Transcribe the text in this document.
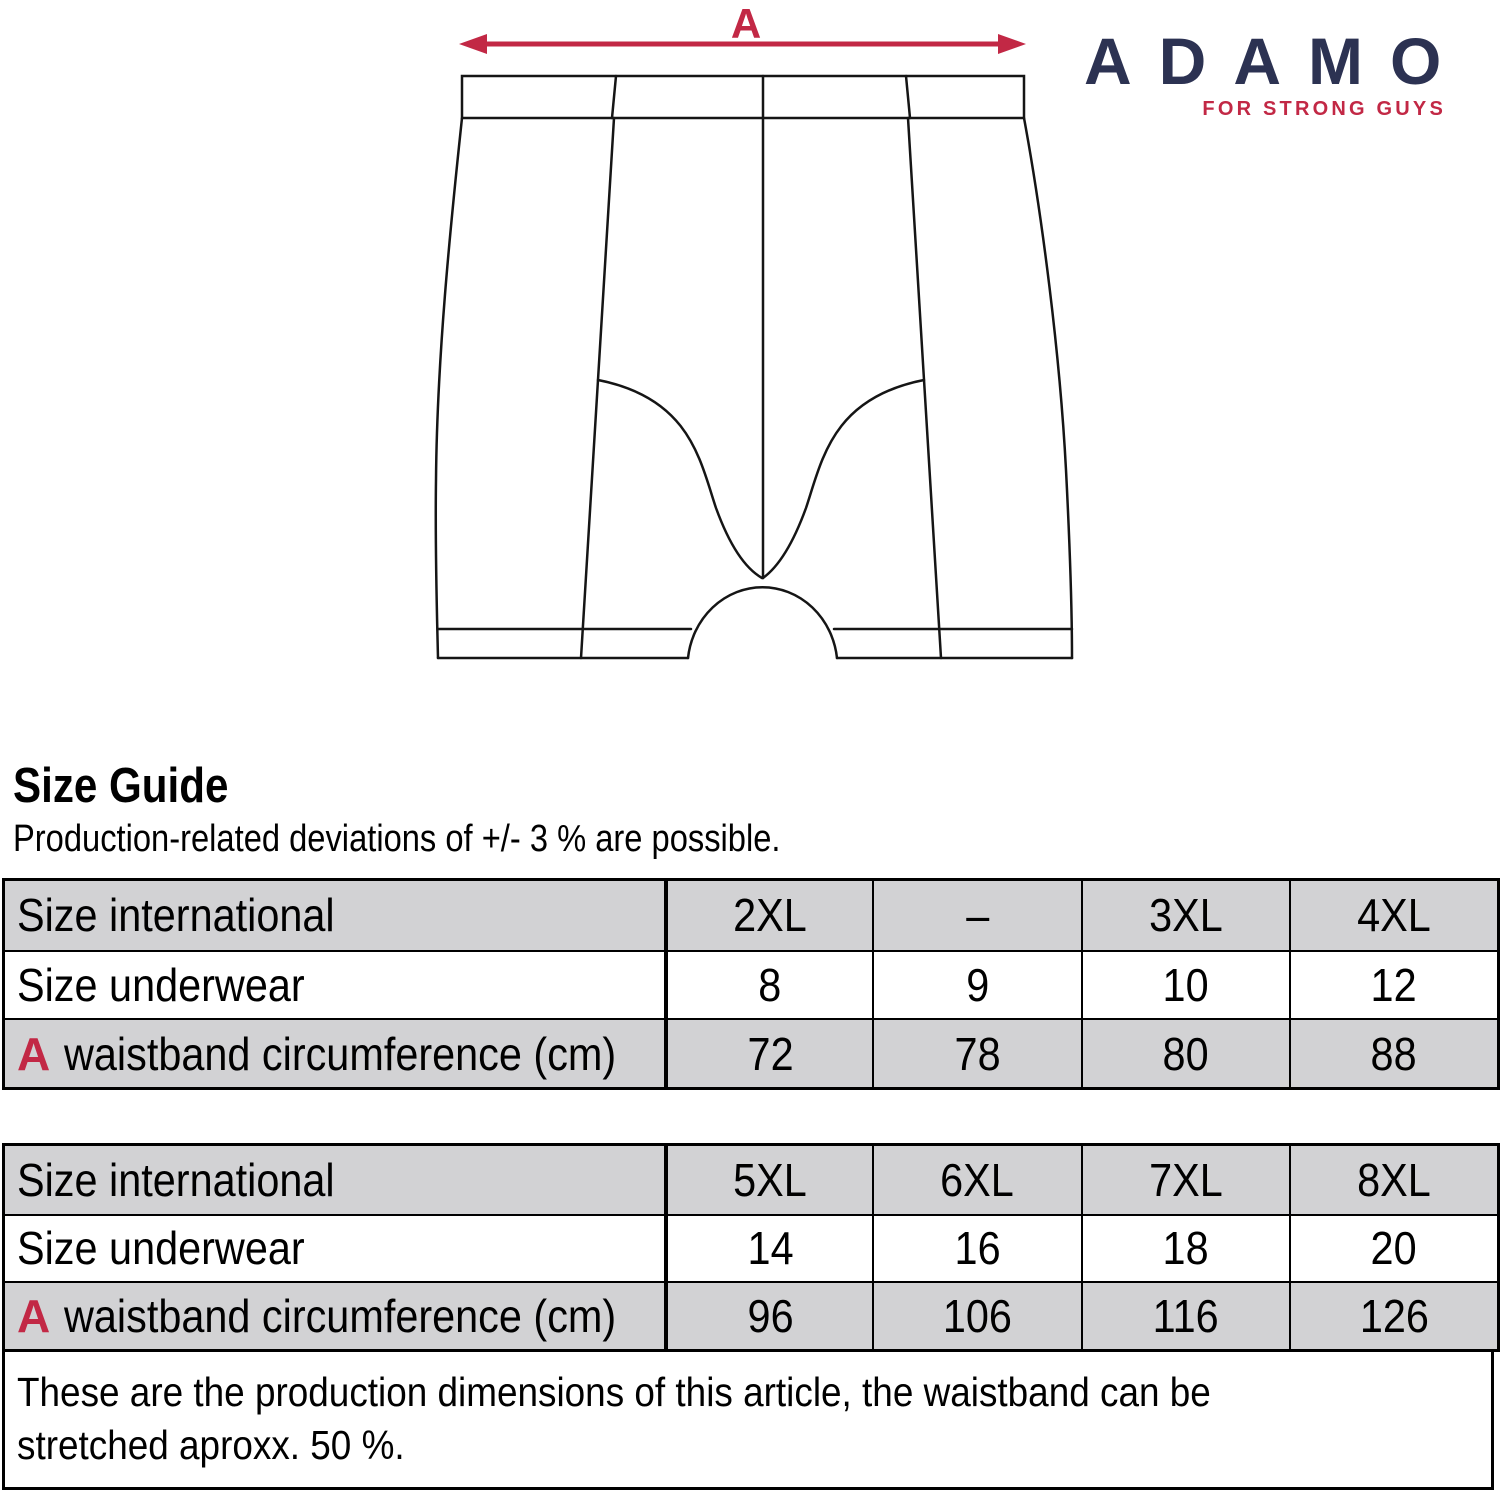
A
ADAMO
FOR STRONG GUYS
Size Guide
Production-related deviations of +/- 3 % are possible.
Size international	2XL	–	3XL	4XL
Size underwear	8	9	10	12
A waistband circumference (cm)	72	78	80	88
Size international	5XL	6XL	7XL	8XL
Size underwear	14	16	18	20
A waistband circumference (cm)	96	106	116	126
These are the production dimensions of this article, the waistband can be
stretched aproxx. 50 %.
